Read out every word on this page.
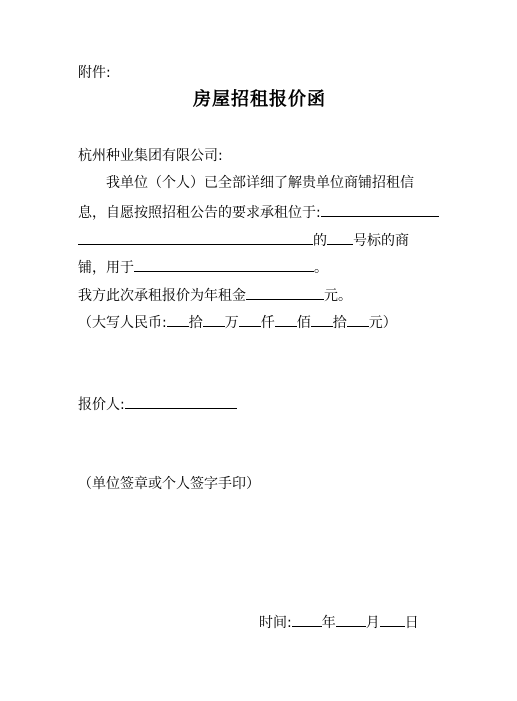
附件:
房屋招租报价函
杭州种业集团有限公司:
我单位（个人）已全部详细了解贵单位商铺招租信
息，自愿按照招租公告的要求承租位于:
的 号标的商
铺，用于	。
我方此次承租报价为年租金	元。
（大写人民币: 拾 万 仟 佰 拾 元）
报价人:
（单位签章或个人签字手印）
时间: 年 月 日
